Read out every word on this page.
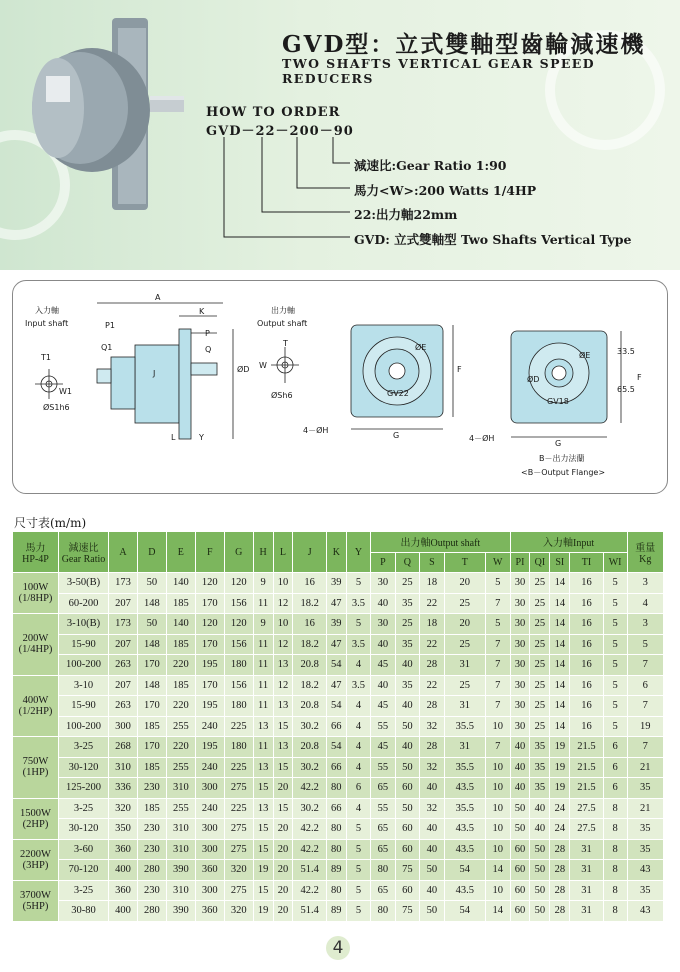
GVD型：立式雙軸型齒輪減速機
TWO SHAFTS VERTICAL GEAR SPEED REDUCERS
HOW TO ORDER
GVD－22－200－90
減速比:Gear Ratio 1:90
馬力<W>:200 Watts 1/4HP
22:出力軸22mm
GVD: 立式雙軸型 Two Shafts Vertical Type
入力軸
Input shaft
T1
W1
ØS1h6
P1
Q1
A
K
P
Q
J	ØD
L	Y
出力軸
Output shaft
T
W
ØSh6	GV22
ØE
F
G
4－ØH
GV18
ØE
ØD
33.5
65.5
F
G
4－ØH
B－出力法蘭
<B－Output Flange>
尺寸表(m/m)
馬力
HP-4P	減速比
Gear Ratio	A	D	E	F	G	H	L	J	K	Y	出力軸Output shaft					入力軸Input					重量
Kg
												P	Q	S	T	W	PI	QI	SI	TI	WI	
100W
(1/8HP)	3-50(B)	173	50	140	120	120	9	10	16	39	5	30	25	18	20	5	30	25	14	16	5	3
	60-200	207	148	185	170	156	11	12	18.2	47	3.5	40	35	22	25	7	30	25	14	16	5	4
200W
(1/4HP)	3-10(B)	173	50	140	120	120	9	10	16	39	5	30	25	18	20	5	30	25	14	16	5	3
	15-90	207	148	185	170	156	11	12	18.2	47	3.5	40	35	22	25	7	30	25	14	16	5	5
	100-200	263	170	220	195	180	11	13	20.8	54	4	45	40	28	31	7	30	25	14	16	5	7
400W
(1/2HP)	3-10	207	148	185	170	156	11	12	18.2	47	3.5	40	35	22	25	7	30	25	14	16	5	6
	15-90	263	170	220	195	180	11	13	20.8	54	4	45	40	28	31	7	30	25	14	16	5	7
	100-200	300	185	255	240	225	13	15	30.2	66	4	55	50	32	35.5	10	30	25	14	16	5	19
750W
(1HP)	3-25	268	170	220	195	180	11	13	20.8	54	4	45	40	28	31	7	40	35	19	21.5	6	7
	30-120	310	185	255	240	225	13	15	30.2	66	4	55	50	32	35.5	10	40	35	19	21.5	6	21
	125-200	336	230	310	300	275	15	20	42.2	80	6	65	60	40	43.5	10	40	35	19	21.5	6	35
1500W
(2HP)	3-25	320	185	255	240	225	13	15	30.2	66	4	55	50	32	35.5	10	50	40	24	27.5	8	21
	30-120	350	230	310	300	275	15	20	42.2	80	5	65	60	40	43.5	10	50	40	24	27.5	8	35
2200W
(3HP)	3-60	360	230	310	300	275	15	20	42.2	80	5	65	60	40	43.5	10	60	50	28	31	8	35
	70-120	400	280	390	360	320	19	20	51.4	89	5	80	75	50	54	14	60	50	28	31	8	43
3700W
(5HP)	3-25	360	230	310	300	275	15	20	42.2	80	5	65	60	40	43.5	10	60	50	28	31	8	35
	30-80	400	280	390	360	320	19	20	51.4	89	5	80	75	50	54	14	60	50	28	31	8	43
4
